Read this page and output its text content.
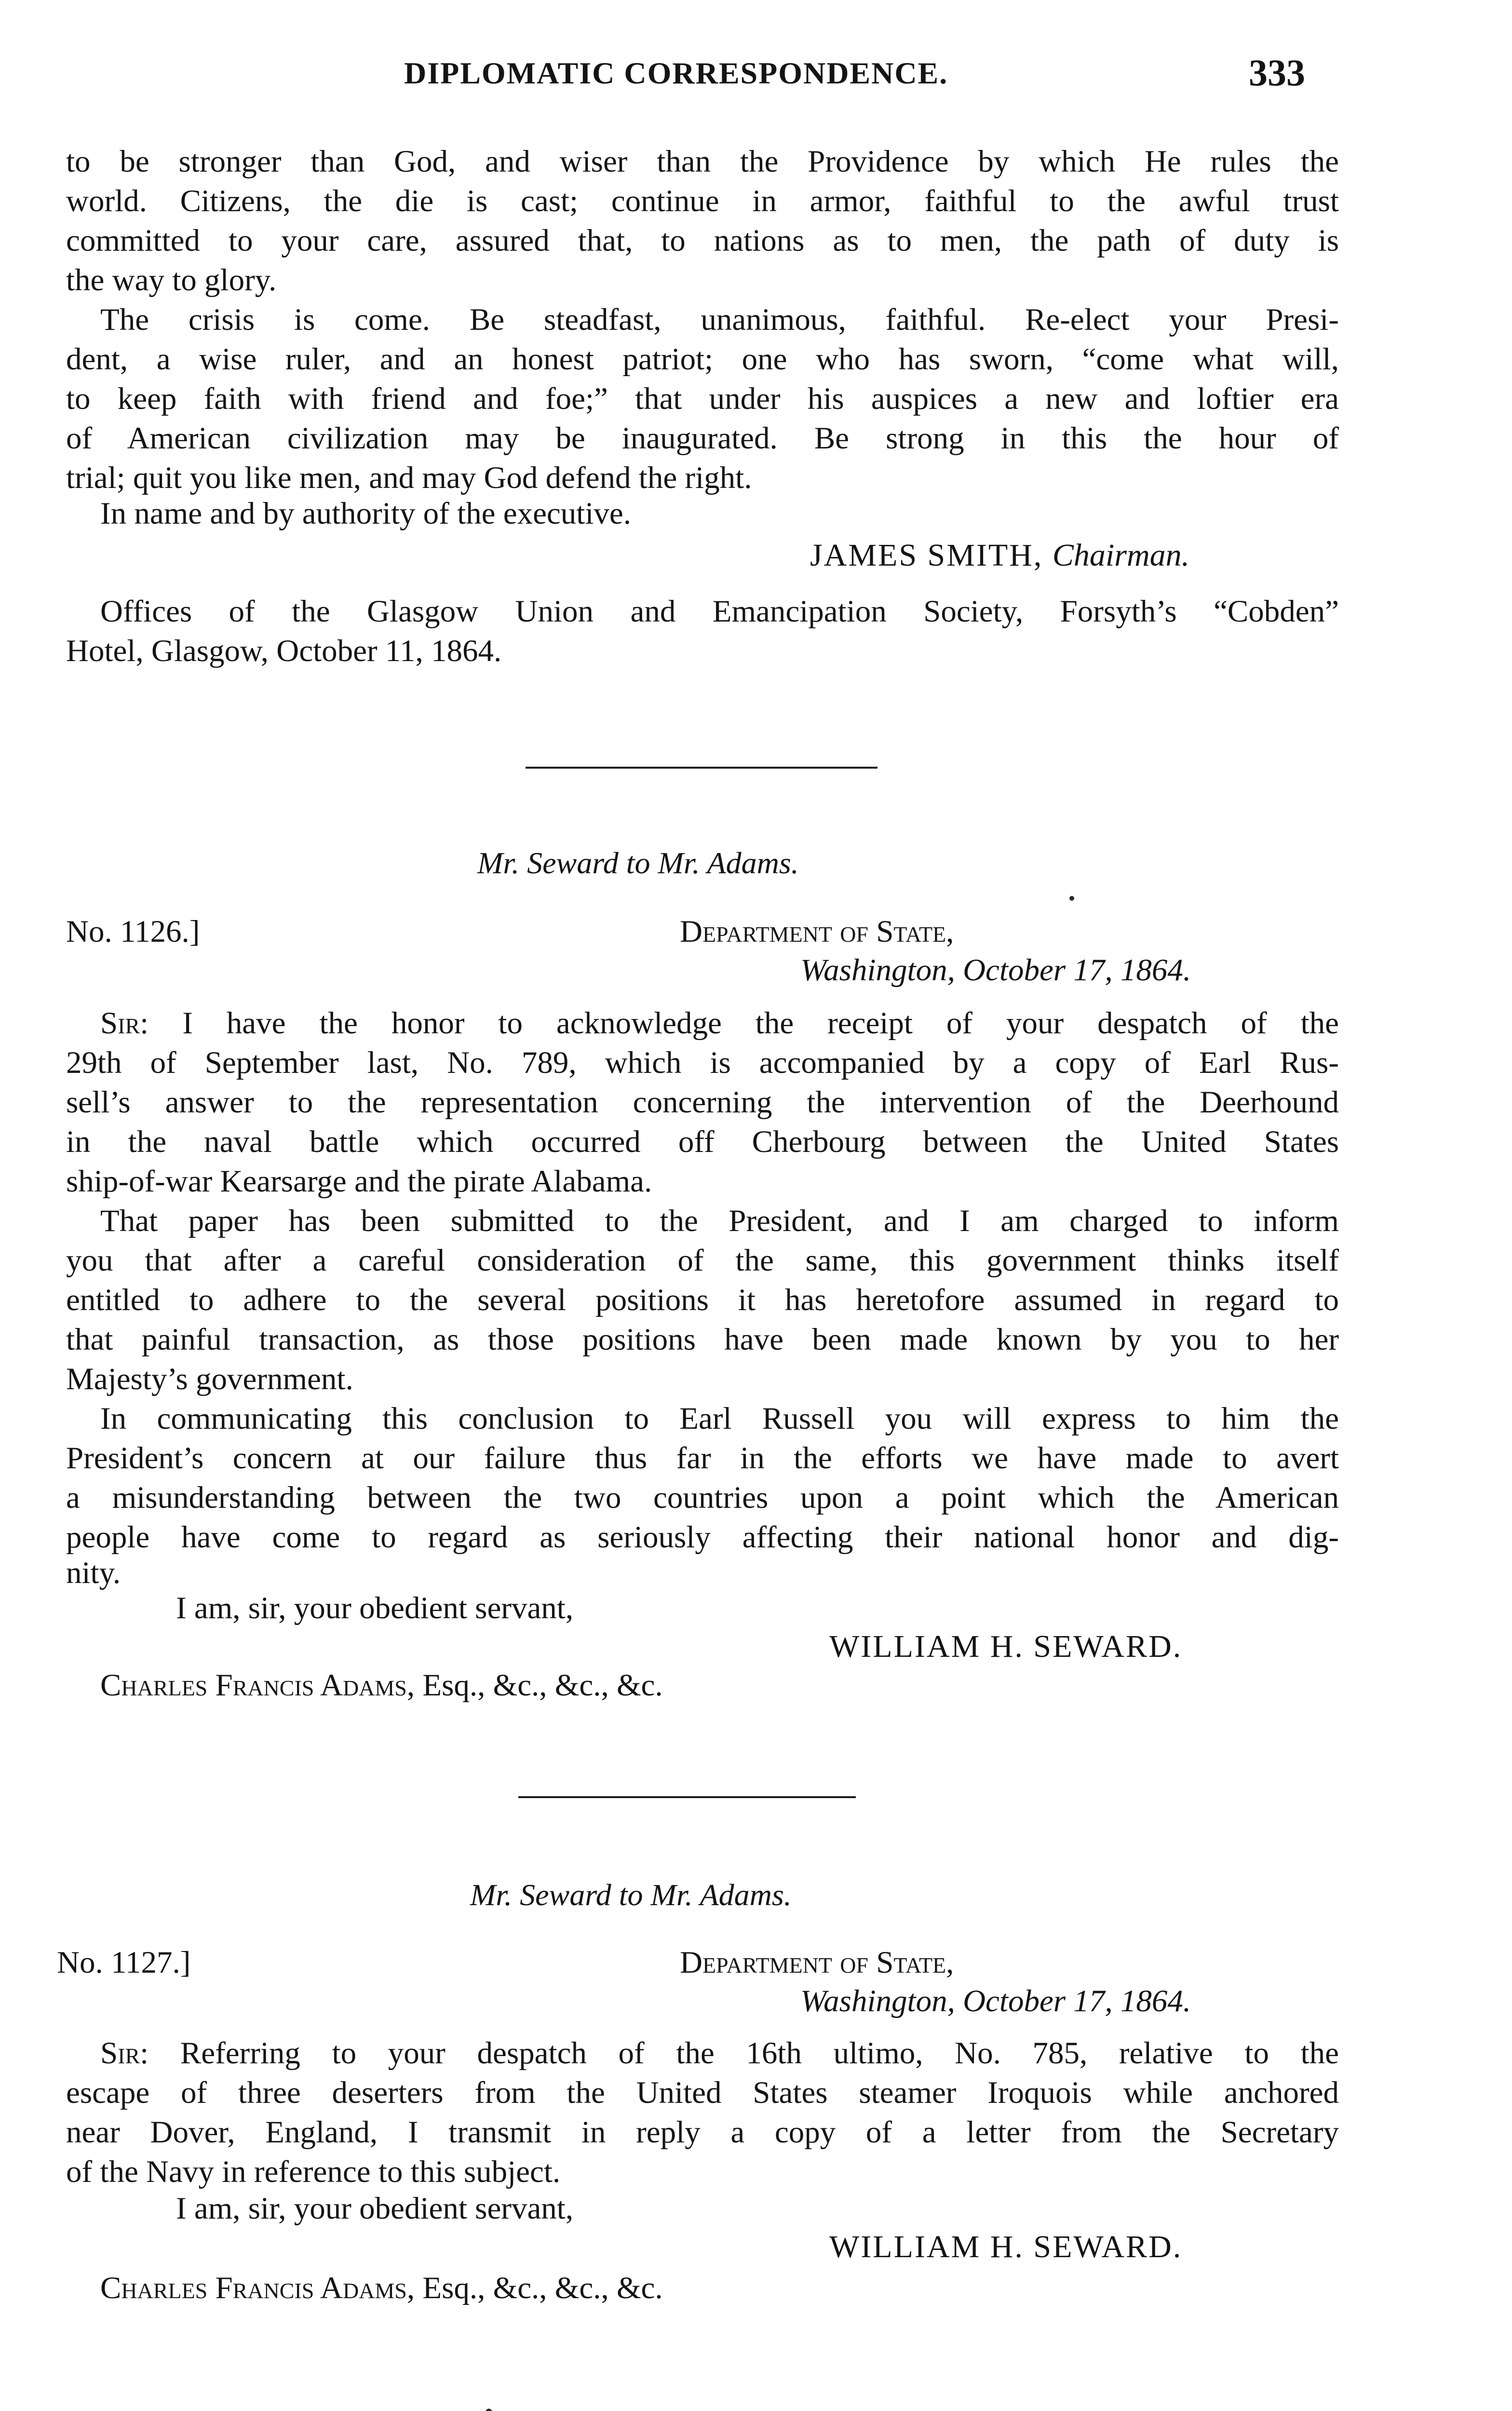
DIPLOMATIC CORRESPONDENCE.	333

to be stronger than God, and wiser than the Providence by which He rules the

world. Citizens, the die is cast; continue in armor, faithful to the awful trust

committed to your care, assured that, to nations as to men, the path of duty is

the way to glory.

The crisis is come. Be steadfast, unanimous, faithful. Re-elect your Presi-

dent, a wise ruler, and an honest patriot; one who has sworn, “come what will,

to keep faith with friend and foe;” that under his auspices a new and loftier era

of American civilization may be inaugurated. Be strong in this the hour of

trial; quit you like men, and may God defend the right.

In name and by authority of the executive.

JAMES SMITH, Chairman.

Offices of the Glasgow Union and Emancipation Society, Forsyth’s “Cobden”

Hotel, Glasgow, October 11, 1864.

Mr. Seward to Mr. Adams.

No. 1126.]	Department of State,

Washington, October 17, 1864.

Sir: I have the honor to acknowledge the receipt of your despatch of the

29th of September last, No. 789, which is accompanied by a copy of Earl Rus-

sell’s answer to the representation concerning the intervention of the Deerhound

in the naval battle which occurred off Cherbourg between the United States

ship-of-war Kearsarge and the pirate Alabama.

That paper has been submitted to the President, and I am charged to inform

you that after a careful consideration of the same, this government thinks itself

entitled to adhere to the several positions it has heretofore assumed in regard to

that painful transaction, as those positions have been made known by you to her

Majesty’s government.

In communicating this conclusion to Earl Russell you will express to him the

President’s concern at our failure thus far in the efforts we have made to avert

a misunderstanding between the two countries upon a point which the American

people have come to regard as seriously affecting their national honor and dig-

nity.

I am, sir, your obedient servant,

WILLIAM H. SEWARD.

Charles Francis Adams, Esq., &c., &c., &c.

Mr. Seward to Mr. Adams.

No. 1127.]	Department of State,

Washington, October 17, 1864.

Sir: Referring to your despatch of the 16th ultimo, No. 785, relative to the

escape of three deserters from the United States steamer Iroquois while anchored

near Dover, England, I transmit in reply a copy of a letter from the Secretary

of the Navy in reference to this subject.

I am, sir, your obedient servant,

WILLIAM H. SEWARD.

Charles Francis Adams, Esq., &c., &c., &c.
